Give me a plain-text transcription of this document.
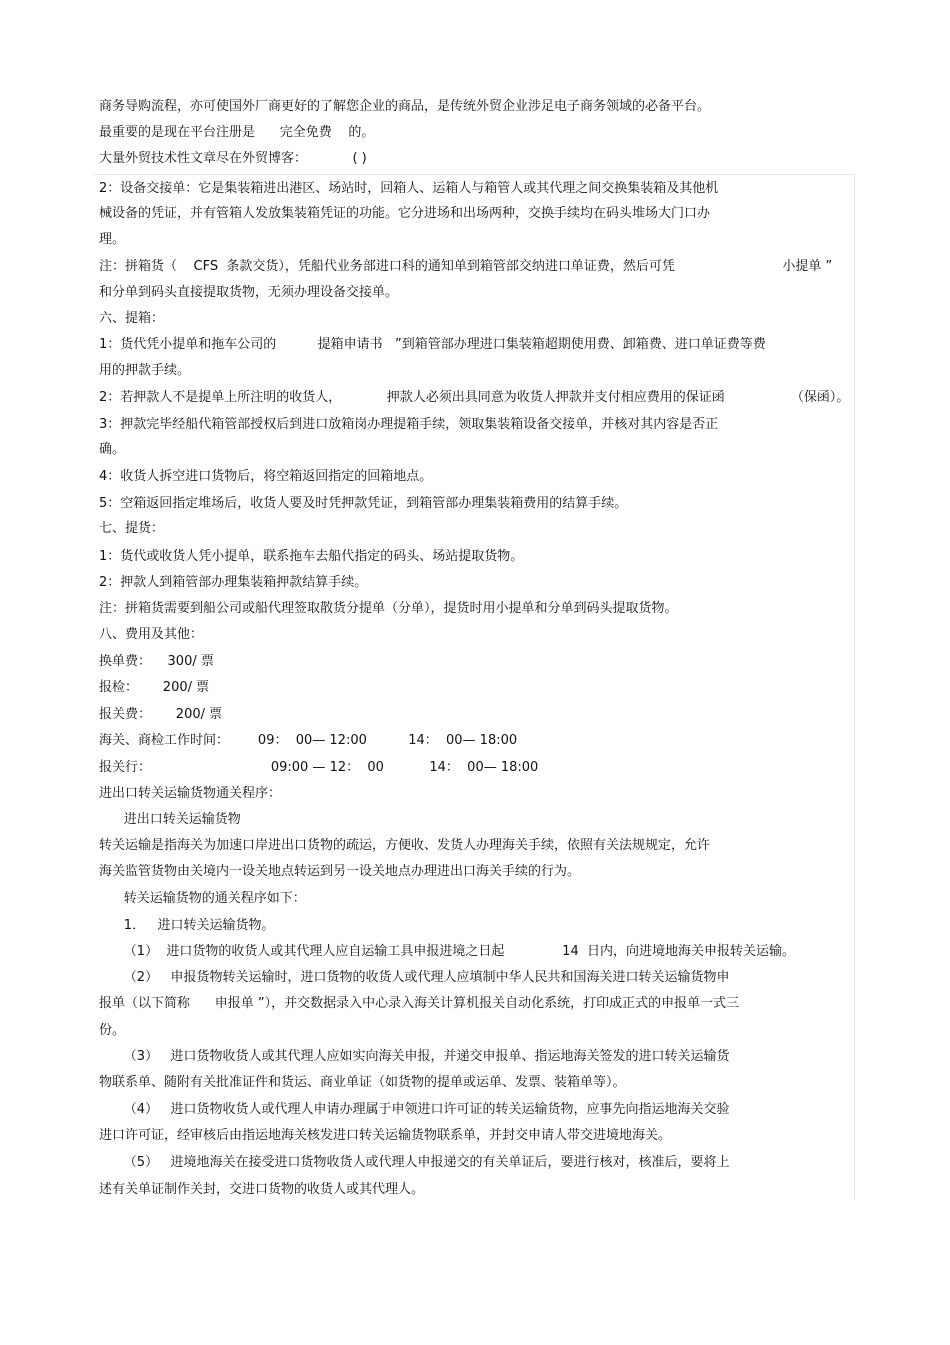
商务导购流程，亦可使国外厂商更好的了解您企业的商品，是传统外贸企业涉足电子商务领域的必备平台。
最重要的是现在平台注册是      完全免费    的。
大量外贸技术性文章尽在外贸博客：           ( )
2：设备交接单：它是集装箱进出港区、场站时，回箱人、运箱人与箱管人或其代理之间交换集装箱及其他机
械设备的凭证，并有管箱人发放集装箱凭证的功能。它分进场和出场两种，交换手续均在码头堆场大门口办
理。
注：拼箱货（    CFS  条款交货），凭船代业务部进口科的通知单到箱管部交纳进口单证费，然后可凭                          小提单 ”
和分单到码头直接提取货物，无须办理设备交接单。
六、提箱：
1：货代凭小提单和拖车公司的          提箱申请书   ”到箱管部办理进口集装箱超期使用费、卸箱费、进口单证费等费
用的押款手续。
2：若押款人不是提单上所注明的收货人，           押款人必须出具同意为收货人押款并支付相应费用的保证函                （保函）。
3：押款完毕经船代箱管部授权后到进口放箱岗办理提箱手续，领取集装箱设备交接单，并核对其内容是否正
确。
4：收货人拆空进口货物后，将空箱返回指定的回箱地点。
5：空箱返回指定堆场后，收货人要及时凭押款凭证，到箱管部办理集装箱费用的结算手续。
七、提货：
1：货代或收货人凭小提单，联系拖车去船代指定的码头、场站提取货物。
2：押款人到箱管部办理集装箱押款结算手续。
注：拼箱货需要到船公司或船代理签取散货分提单（分单），提货时用小提单和分单到码头提取货物。
八、费用及其他：
换单费：    300/ 票
报检：      200/ 票
报关费：      200/ 票
海关、商检工作时间：       09：  00— 12:00          14：  00— 18:00
报关行：                             09:00 — 12：  00           14：  00— 18:00
进出口转关运输货物通关程序：
进出口转关运输货物
转关运输是指海关为加速口岸进出口货物的疏运，方便收、发货人办理海关手续，依照有关法规规定，允许
海关监管货物由关境内一设关地点转运到另一设关地点办理进出口海关手续的行为。
转关运输货物的通关程序如下：
1．   进口转关运输货物。
（1）  进口货物的收货人或其代理人应自运输工具申报进境之日起              14  日内，向进境地海关申报转关运输。
（2）   申报货物转关运输时，进口货物的收货人或代理人应填制中华人民共和国海关进口转关运输货物申
报单（以下简称      申报单 ”），并交数据录入中心录入海关计算机报关自动化系统，打印成正式的申报单一式三
份。
（3）   进口货物收货人或其代理人应如实向海关申报，并递交申报单、指运地海关签发的进口转关运输货
物联系单、随附有关批准证件和货运、商业单证（如货物的提单或运单、发票、装箱单等）。
（4）   进口货物收货人或代理人申请办理属于申领进口许可证的转关运输货物，应事先向指运地海关交验
进口许可证，经审核后由指运地海关核发进口转关运输货物联系单，并封交申请人带交进境地海关。
（5）   进境地海关在接受进口货物收货人或代理人申报递交的有关单证后，要进行核对，核准后，要将上
述有关单证制作关封，交进口货物的收货人或其代理人。
